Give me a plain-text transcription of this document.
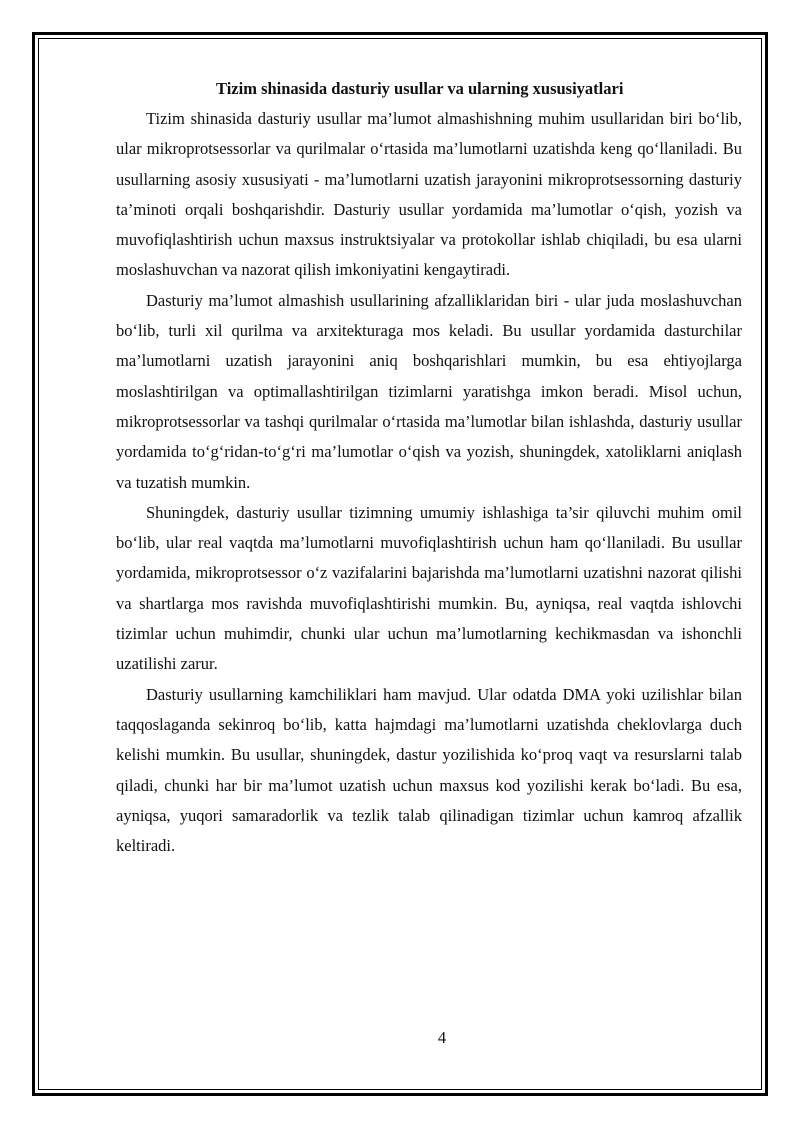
Tizim shinasida dasturiy usullar va ularning xususiyatlari

Tizim shinasida dasturiy usullar ma’lumot almashishning muhim usullaridan biri bo‘lib, ular mikroprotsessorlar va qurilmalar o‘rtasida ma’lumotlarni uzatishda keng qo‘llaniladi. Bu usullarning asosiy xususiyati - ma’lumotlarni uzatish jarayonini mikroprotsessorning dasturiy ta’minoti orqali boshqarishdir. Dasturiy usullar yordamida ma’lumotlar o‘qish, yozish va muvofiqlashtirish uchun maxsus instruktsiyalar va protokollar ishlab chiqiladi, bu esa ularni moslashuvchan va nazorat qilish imkoniyatini kengaytiradi.

Dasturiy ma’lumot almashish usullarining afzalliklaridan biri - ular juda moslashuvchan bo‘lib, turli xil qurilma va arxitekturaga mos keladi. Bu usullar yordamida dasturchilar ma’lumotlarni uzatish jarayonini aniq boshqarishlari mumkin, bu esa ehtiyojlarga moslashtirilgan va optimallashtirilgan tizimlarni yaratishga imkon beradi. Misol uchun, mikroprotsessorlar va tashqi qurilmalar o‘rtasida ma’lumotlar bilan ishlashda, dasturiy usullar yordamida to‘g‘ridan-to‘g‘ri ma’lumotlar o‘qish va yozish, shuningdek, xatoliklarni aniqlash va tuzatish mumkin.

Shuningdek, dasturiy usullar tizimning umumiy ishlashiga ta’sir qiluvchi muhim omil bo‘lib, ular real vaqtda ma’lumotlarni muvofiqlashtirish uchun ham qo‘llaniladi. Bu usullar yordamida, mikroprotsessor o‘z vazifalarini bajarishda ma’lumotlarni uzatishni nazorat qilishi va shartlarga mos ravishda muvofiqlashtirishi mumkin. Bu, ayniqsa, real vaqtda ishlovchi tizimlar uchun muhimdir, chunki ular uchun ma’lumotlarning kechikmasdan va ishonchli uzatilishi zarur.

Dasturiy usullarning kamchiliklari ham mavjud. Ular odatda DMA yoki uzilishlar bilan taqqoslaganda sekinroq bo‘lib, katta hajmdagi ma’lumotlarni uzatishda cheklovlarga duch kelishi mumkin. Bu usullar, shuningdek, dastur yozilishida ko‘proq vaqt va resurslarni talab qiladi, chunki har bir ma’lumot uzatish uchun maxsus kod yozilishi kerak bo‘ladi. Bu esa, ayniqsa, yuqori samaradorlik va tezlik talab qilinadigan tizimlar uchun kamroq afzallik keltiradi.

4
